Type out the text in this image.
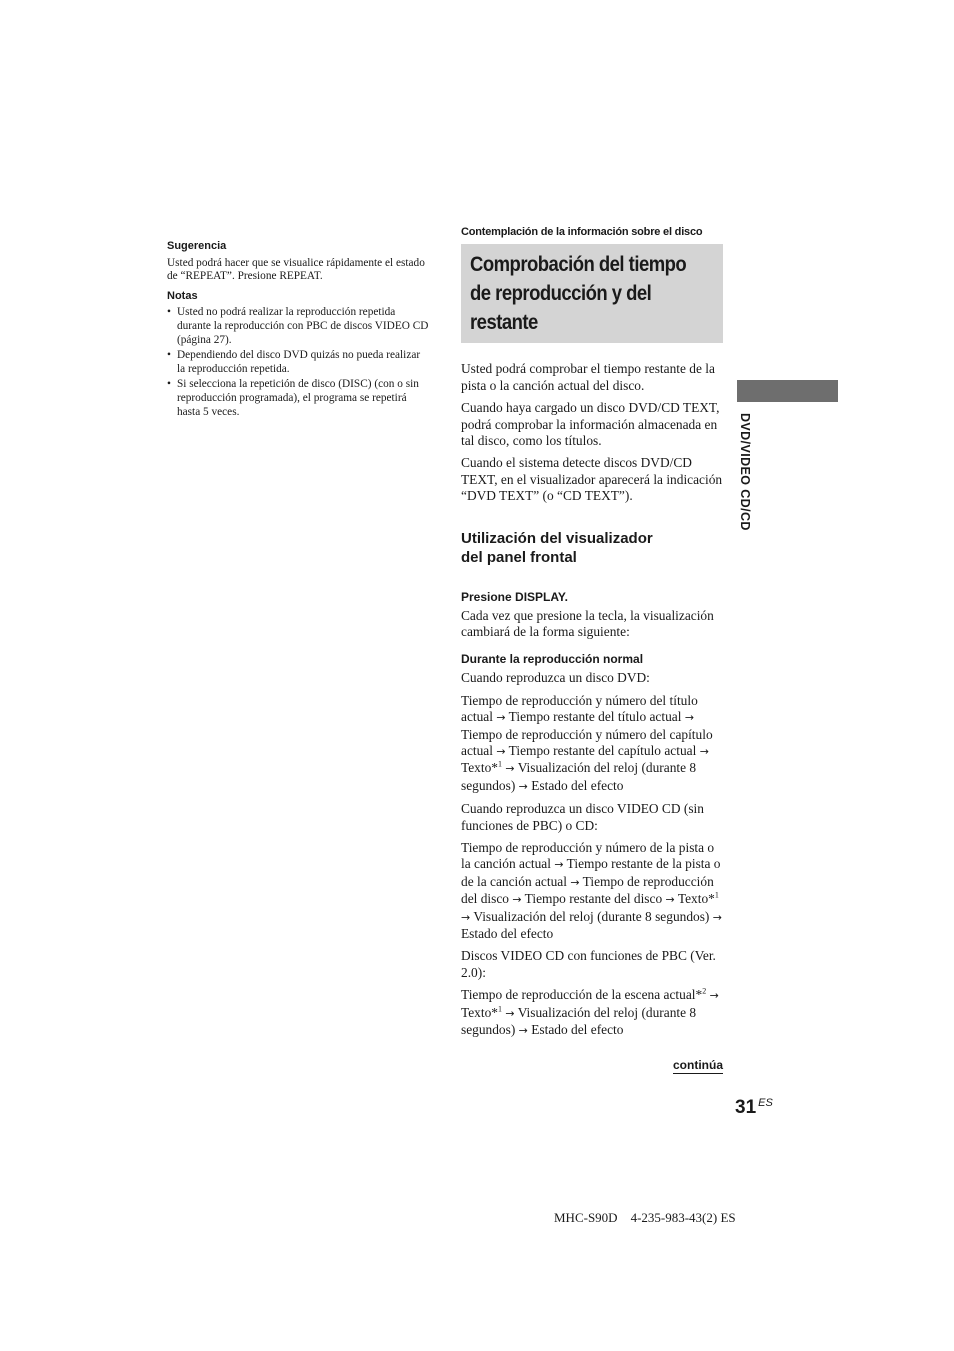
Sugerencia

Usted podrá hacer que se visualice rápidamente el estado de “REPEAT”. Presione REPEAT.

Notas

• Usted no podrá realizar la reproducción repetida durante la reproducción con PBC de discos VIDEO CD (página 27).
• Dependiendo del disco DVD quizás no pueda realizar la reproducción repetida.
• Si selecciona la repetición de disco (DISC) (con o sin reproducción programada), el programa se repetirá hasta 5 veces.

Contemplación de la información sobre el disco

Comprobación del tiempo
de reproducción y del
restante

Usted podrá comprobar el tiempo restante de la pista o la canción actual del disco.

Cuando haya cargado un disco DVD/CD TEXT, podrá comprobar la información almacenada en tal disco, como los títulos.

Cuando el sistema detecte discos DVD/CD TEXT, en el visualizador aparecerá la indicación “DVD TEXT” (o “CD TEXT”).

Utilización del visualizador
del panel frontal

Presione DISPLAY.

Cada vez que presione la tecla, la visualización cambiará de la forma siguiente:

Durante la reproducción normal

Cuando reproduzca un disco DVD:

Tiempo de reproducción y número del título actual → Tiempo restante del título actual → Tiempo de reproducción y número del capítulo actual → Tiempo restante del capítulo actual → Texto*$^1$ → Visualización del reloj (durante 8 segundos) → Estado del efecto

Cuando reproduzca un disco VIDEO CD (sin funciones de PBC) o CD:

Tiempo de reproducción y número de la pista o la canción actual → Tiempo restante de la pista o de la canción actual → Tiempo de reproducción del disco → Tiempo restante del disco → Texto*$^1$ → Visualización del reloj (durante 8 segundos) → Estado del efecto

Discos VIDEO CD con funciones de PBC (Ver. 2.0):

Tiempo de reproducción de la escena actual*$^2$ → Texto*$^1$ → Visualización del reloj (durante 8 segundos) → Estado del efecto

continúa
DVD/VIDEO CD/CD
31 $^{ES}$
MHC-S90D    4-235-983-43(2) ES
